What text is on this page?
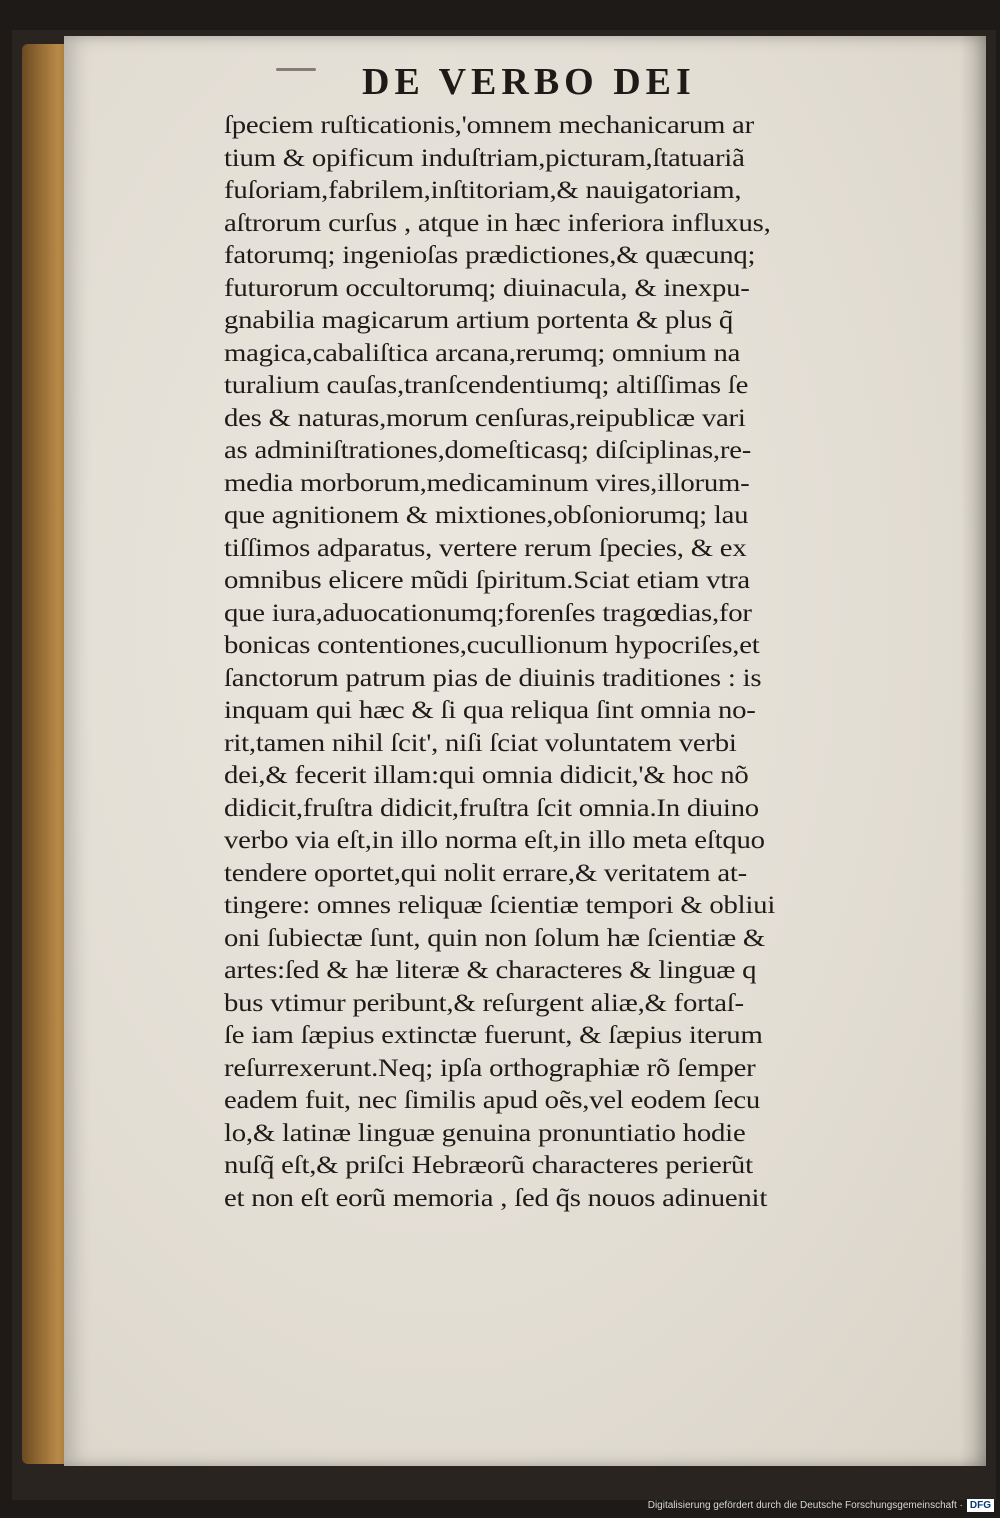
DE VERBO DEI
ſpeciem ruſticationis,'omnem mechanicarum ar
tium & opificum induſtriam,picturam,ſtatuariã
fuſoriam,fabrilem,inſtitoriam,& nauigatoriam,
aſtrorum curſus , atque in hæc inferiora influxus,
fatorumq; ingenioſas prædictiones,& quæcunq;
futurorum occultorumq; diuinacula, & inexpu-
gnabilia magicarum artium portenta & plus q̃
magica,cabaliſtica arcana,rerumq; omnium na
turalium cauſas,tranſcendentiumq; altiſſimas ſe
des & naturas,morum cenſuras,reipublicæ vari
as adminiſtrationes,domeſticasq; diſciplinas,re-
media morborum,medicaminum vires,illorum-
que agnitionem & mixtiones,obſoniorumq; lau
tiſſimos adparatus, vertere rerum ſpecies, & ex
omnibus elicere mũdi ſpiritum.Sciat etiam vtra
que iura,aduocationumq;forenſes tragœdias,for
bonicas contentiones,cucullionum hypocriſes,et
ſanctorum patrum pias de diuinis traditiones : is
inquam qui hæc & ſi qua reliqua ſint omnia no-
rit,tamen nihil ſcit', niſi ſciat voluntatem verbi
dei,& fecerit illam:qui omnia didicit,'& hoc nõ
didicit,fruſtra didicit,fruſtra ſcit omnia.In diuino
verbo via eſt,in illo norma eſt,in illo meta eſtquo
tendere oportet,qui nolit errare,& veritatem at-
tingere: omnes reliquæ ſcientiæ tempori & obliui
oni ſubiectæ ſunt, quin non ſolum hæ ſcientiæ &
artes:ſed & hæ literæ & characteres & linguæ q
bus vtimur peribunt,& reſurgent aliæ,& fortaſ-
ſe iam ſæpius extinctæ fuerunt, & ſæpius iterum
reſurrexerunt.Neq; ipſa orthographiæ rõ ſemper
eadem fuit, nec ſimilis apud oẽs,vel eodem ſecu
lo,& latinæ linguæ genuina pronuntiatio hodie
nuſq̃ eſt,& priſci Hebræorũ characteres perierũt
et non eſt eorũ memoria , ſed q̃s nouos adinuenit
Digitalisierung gefördert durch die Deutsche Forschungsgemeinschaft · DFG
